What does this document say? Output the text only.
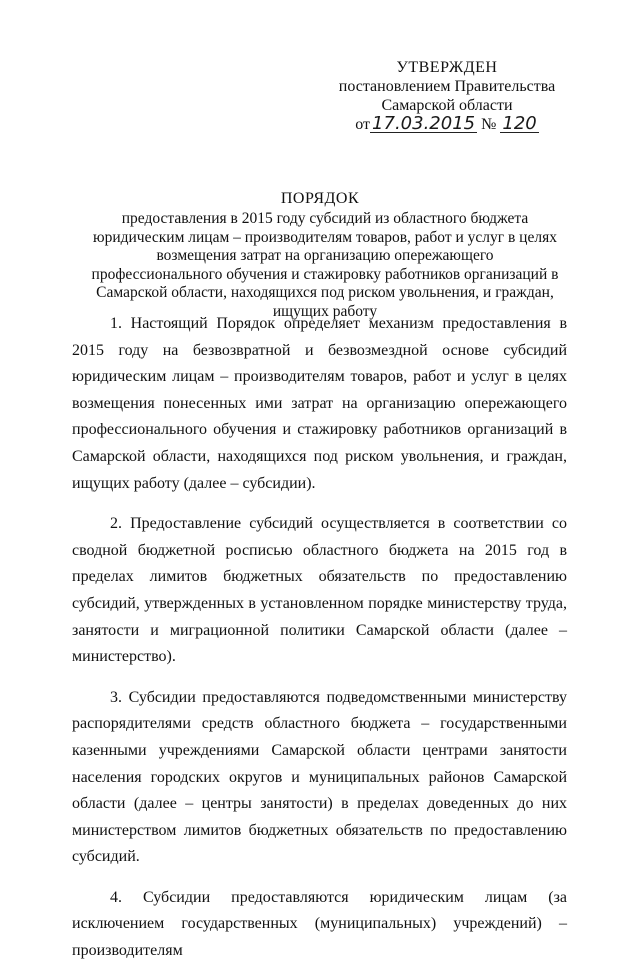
УТВЕРЖДЕН
постановлением Правительства
Самарской области
от 17.03.2015 № 120
ПОРЯДОК
предоставления в 2015 году субсидий из областного бюджета юридическим лицам – производителям товаров, работ и услуг в целях возмещения затрат на организацию опережающего профессионального обучения и стажировку работников организаций в Самарской области, находящихся под риском увольнения, и граждан, ищущих работу

1. Настоящий Порядок определяет механизм предоставления в 2015 году на безвозвратной и безвозмездной основе субсидий юридическим лицам – производителям товаров, работ и услуг в целях возмещения понесенных ими затрат на организацию опережающего профессионального обучения и стажировку работников организаций в Самарской области, находящихся под риском увольнения, и граждан, ищущих работу (далее – субсидии).

2. Предоставление субсидий осуществляется в соответствии со сводной бюджетной росписью областного бюджета на 2015 год в пределах лимитов бюджетных обязательств по предоставлению субсидий, утвержденных в установленном порядке министерству труда, занятости и миграционной политики Самарской области (далее – министерство).

3. Субсидии предоставляются подведомственными министерству распорядителями средств областного бюджета – государственными казенными учреждениями Самарской области центрами занятости населения городских округов и муниципальных районов Самарской области (далее – центры занятости) в пределах доведенных до них министерством лимитов бюджетных обязательств по предоставлению субсидий.

4. Субсидии предоставляются юридическим лицам (за исключением государственных (муниципальных) учреждений) – производителям
